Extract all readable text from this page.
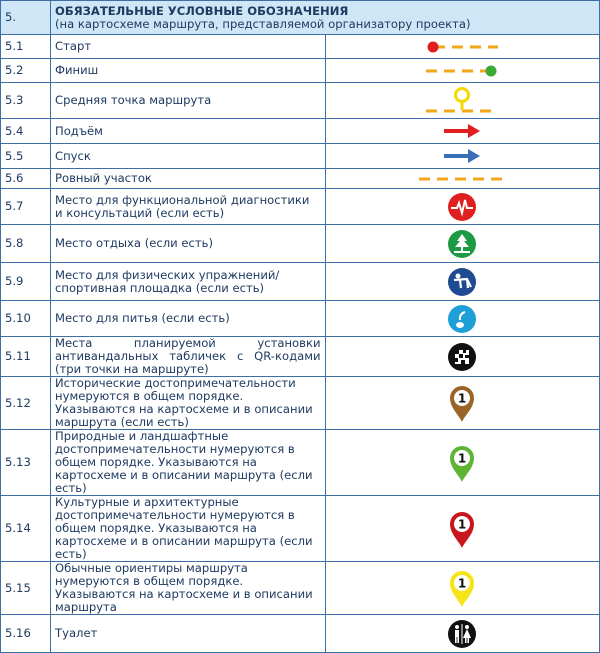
5.	ОБЯЗАТЕЛЬНЫЕ УСЛОВНЫЕ ОБОЗНАЧЕНИЯ
(на картосхеме маршрута, представляемой организатору проекта)	

5.1	Старт	

5.2	Финиш	

5.3	Средняя точка маршрута	

5.4	Подъём	

5.5	Спуск	

5.6	Ровный участок	

5.7	Место для функциональной диагностики и консультаций (если есть)	

5.8	Место отдыха (если есть)	

5.9	Место для физических упражнений/спортивная площадка (если есть)	

5.10	Место для питья (если есть)	

5.11	Места планируемой установки антивандальных табличек с QR-кодами (три точки на маршруте)	

5.12	Исторические достопримечательности нумеруются в общем порядке. Указываются на картосхеме и в описании маршрута (если есть)	1

5.13	Природные и ландшафтные достопримечательности нумеруются в общем порядке. Указываются на картосхеме и в описании маршрута (если есть)	1

5.14	Культурные и архитектурные достопримечательности нумеруются в общем порядке. Указываются на картосхеме и в описании маршрута (если есть)	1

5.15	Обычные ориентиры маршрута нумеруются в общем порядке. Указываются на картосхеме и в описании маршрута	1

5.16	Туалет	
